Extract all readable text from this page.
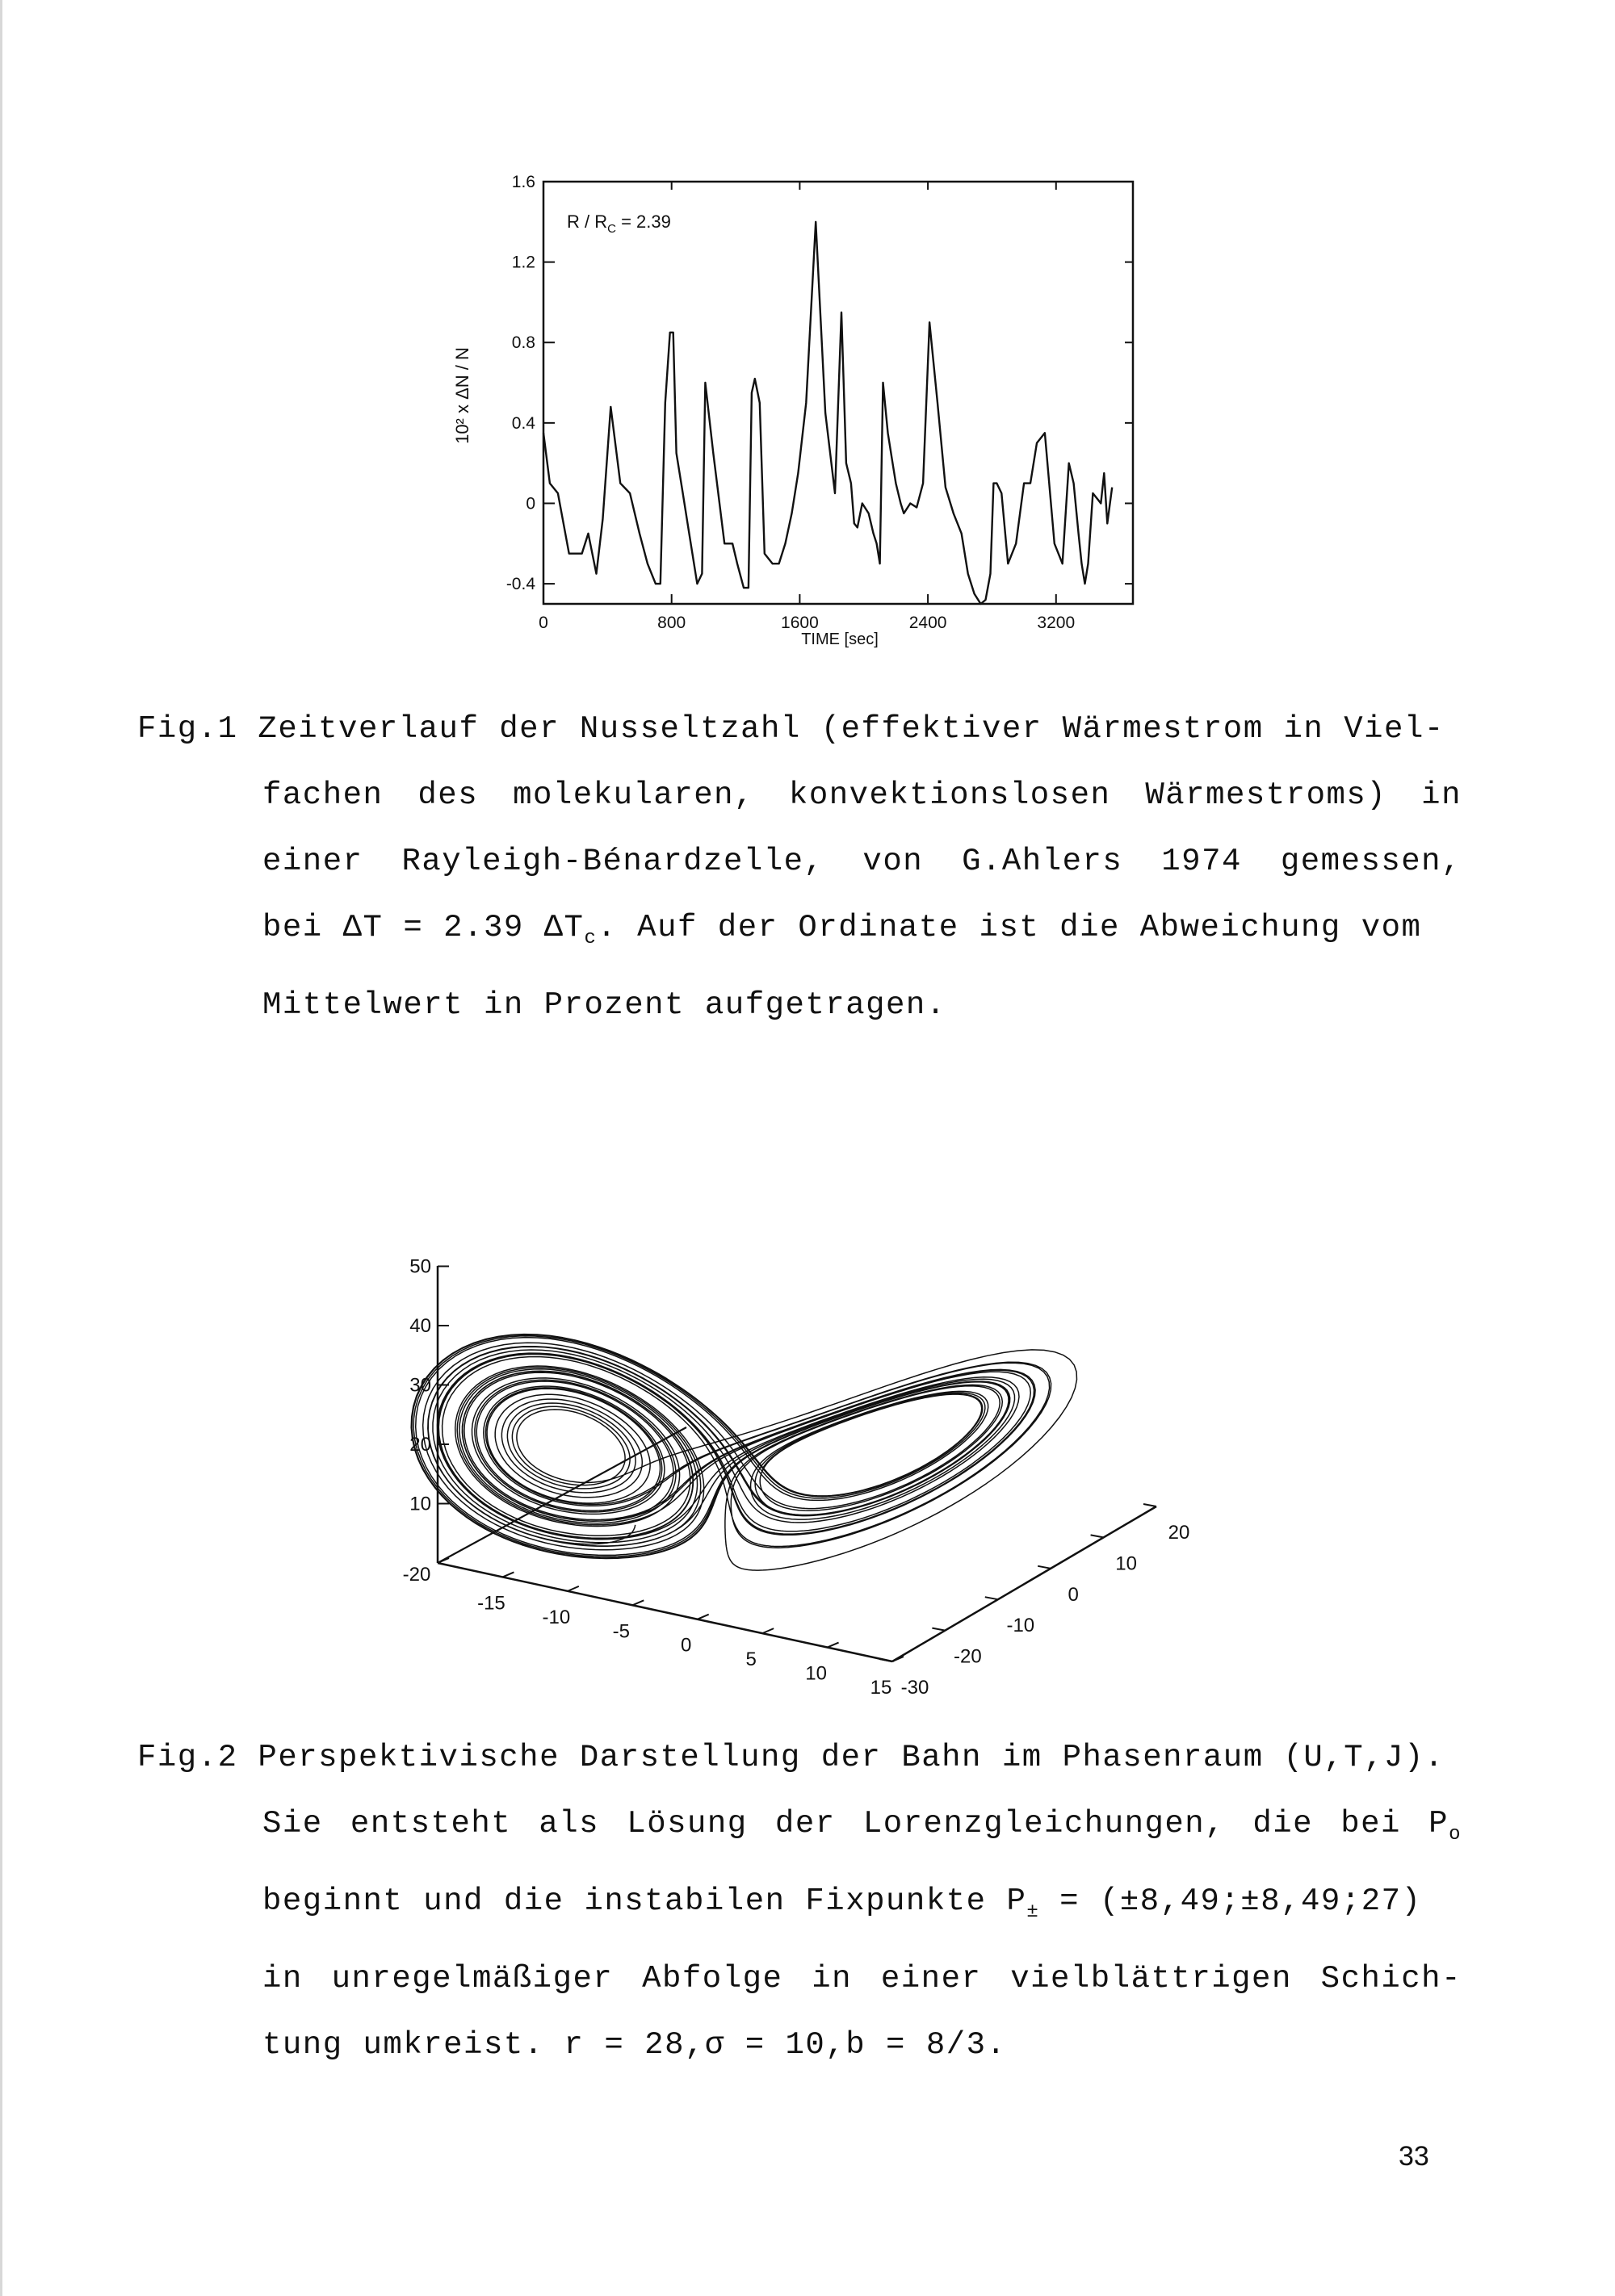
1.6
1.2
0.8
0.4
0
-0.4
0	800	1600	2400	3200
$R / R_C = 2.39$
10² x ΔN / N
TIME [sec]
Fig.1 Zeitverlauf der Nusseltzahl (effektiver Wärmestrom in Viel-
fachen des molekularen, konvektionslosen Wärmestroms) in
einer Rayleigh-Bénardzelle, von G.Ahlers 1974 gemessen,
bei ΔT = 2.39 $\Delta T_c$. Auf der Ordinate ist die Abweichung vom
Mittelwert in Prozent aufgetragen.
50
40
30
20
10
-20
-15
-10
-5
0
5
10
15 -30
-20
-10
0
10
20
Fig.2 Perspektivische Darstellung der Bahn im Phasenraum (U,T,J).
Sie entsteht als Lösung der Lorenzgleichungen, die bei $P_o$
beginnt und die instabilen Fixpunkte $P_\pm$ = (±8,49;±8,49;27)
in unregelmäßiger Abfolge in einer vielblättrigen Schich-
tung umkreist. r = 28,σ = 10,b = 8/3.
33
